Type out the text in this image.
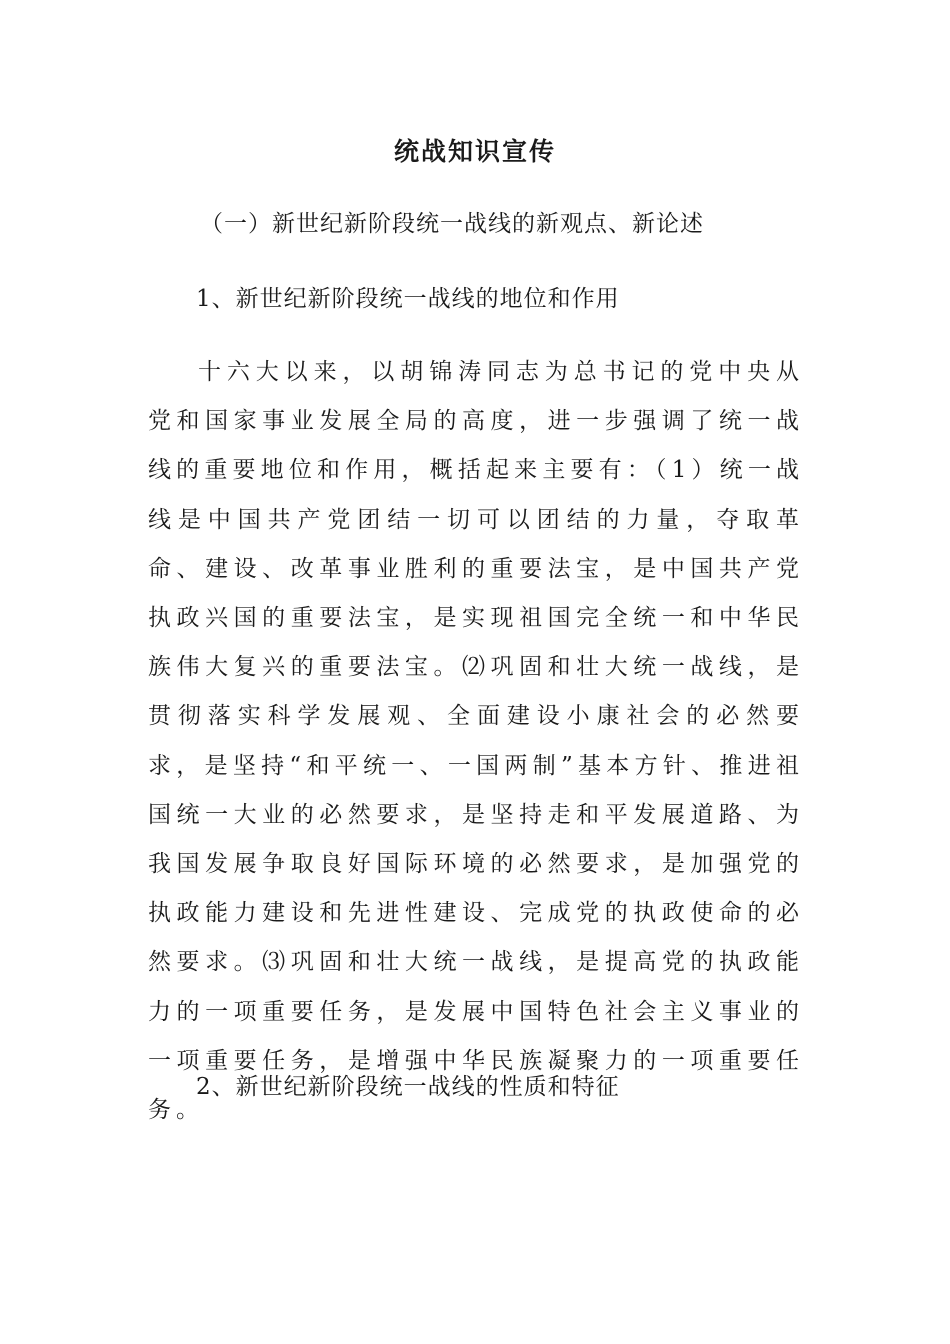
统战知识宣传

（一）新世纪新阶段统一战线的新观点、新论述

1、新世纪新阶段统一战线的地位和作用

十六大以来，以胡锦涛同志为总书记的党中央从党和国家事业发展全局的高度，进一步强调了统一战线的重要地位和作用，概括起来主要有：（1）统一战线是中国共产党团结一切可以团结的力量，夺取革命、建设、改革事业胜利的重要法宝，是中国共产党执政兴国的重要法宝，是实现祖国完全统一和中华民族伟大复兴的重要法宝。⑵巩固和壮大统一战线，是贯彻落实科学发展观、全面建设小康社会的必然要求，是坚持“和平统一、一国两制”基本方针、推进祖国统一大业的必然要求，是坚持走和平发展道路、为我国发展争取良好国际环境的必然要求，是加强党的执政能力建设和先进性建设、完成党的执政使命的必然要求。⑶巩固和壮大统一战线，是提高党的执政能力的一项重要任务，是发展中国特色社会主义事业的一项重要任务，是增强中华民族凝聚力的一项重要任务。

2、新世纪新阶段统一战线的性质和特征
